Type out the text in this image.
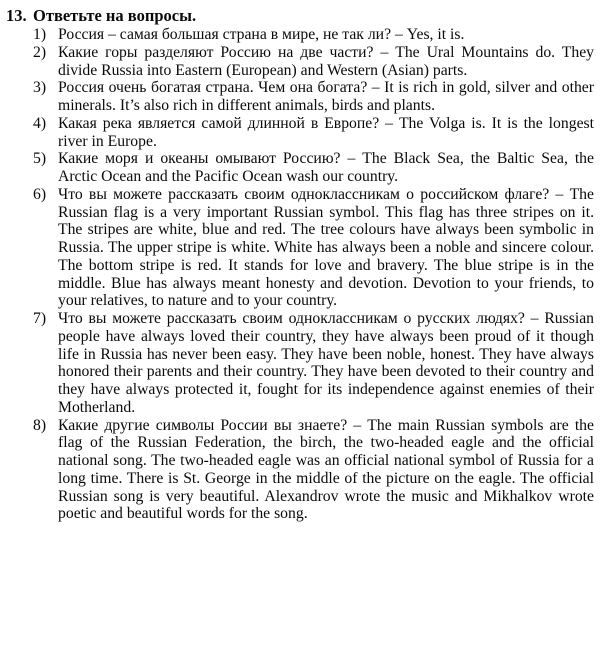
13. Ответьте на вопросы.
1) Россия – самая большая страна в мире, не так ли? – Yes, it is.
2) Какие горы разделяют Россию на две части? – The Ural Mountains do. They divide Russia into Eastern (European) and Western (Asian) parts.
3) Россия очень богатая страна. Чем она богата? – It is rich in gold, silver and other minerals. It’s also rich in different animals, birds and plants.
4) Какая река является самой длинной в Европе? – The Volga is. It is the longest river in Europe.
5) Какие моря и океаны омывают Россию? – The Black Sea, the Baltic Sea, the Arctic Ocean and the Pacific Ocean wash our country.
6) Что вы можете рассказать своим одноклассникам о российском флаге? – The Russian flag is a very important Russian symbol. This flag has three stripes on it. The stripes are white, blue and red. The tree colours have always been symbolic in Russia. The upper stripe is white. White has always been a noble and sincere colour. The bottom stripe is red. It stands for love and bravery. The blue stripe is in the middle. Blue has always meant honesty and devotion. Devotion to your friends, to your relatives, to nature and to your country.
7) Что вы можете рассказать своим одноклассникам о русских людях? – Russian people have always loved their country, they have always been proud of it though life in Russia has never been easy. They have been noble, honest. They have always honored their parents and their country. They have been devoted to their country and they have always protected it, fought for its independence against enemies of their Motherland.
8) Какие другие символы России вы знаете? – The main Russian symbols are the flag of the Russian Federation, the birch, the two-headed eagle and the official national song. The two-headed eagle was an official national symbol of Russia for a long time. There is St. George in the middle of the picture on the eagle. The official Russian song is very beautiful. Alexandrov wrote the music and Mikhalkov wrote poetic and beautiful words for the song.
